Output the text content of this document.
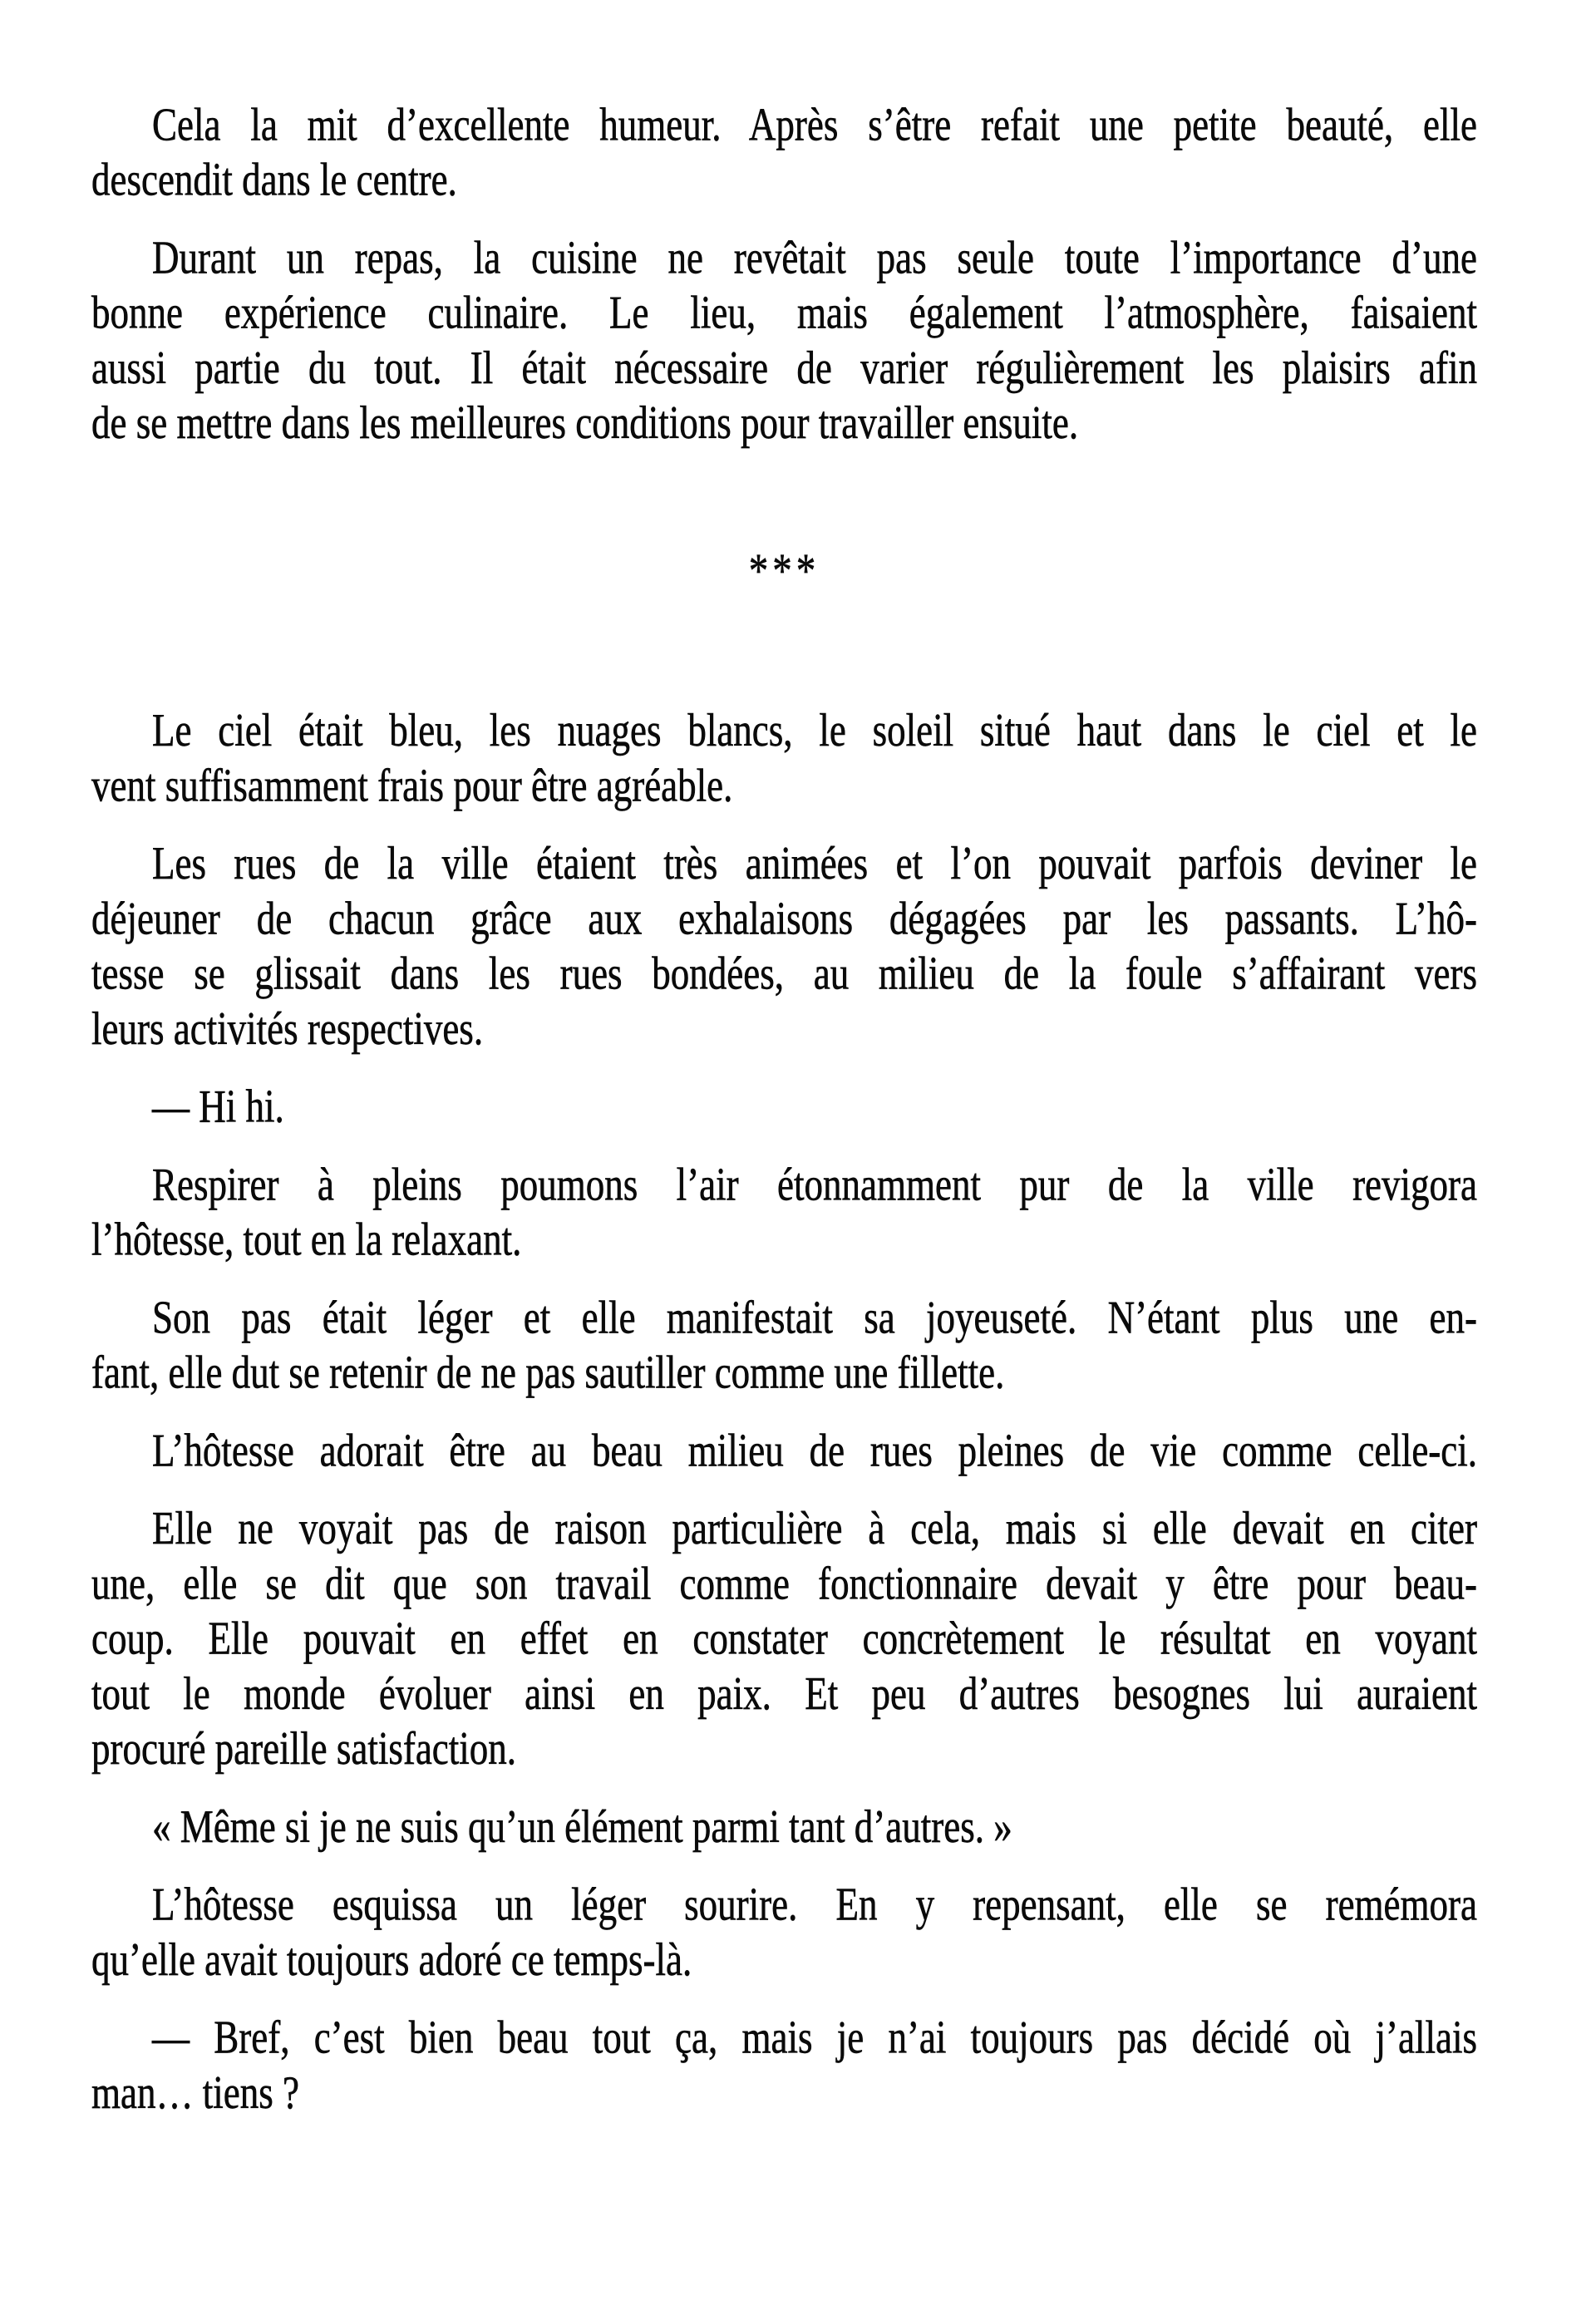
Cela la mit d’excellente humeur. Après s’être refait une petite beauté, elle
descendit dans le centre.

Durant un repas, la cuisine ne revêtait pas seule toute l’importance d’une
bonne expérience culinaire. Le lieu, mais également l’atmosphère, faisaient
aussi partie du tout. Il était nécessaire de varier régulièrement les plaisirs afin
de se mettre dans les meilleures conditions pour travailler ensuite.

***

Le ciel était bleu, les nuages blancs, le soleil situé haut dans le ciel et le
vent suffisamment frais pour être agréable.

Les rues de la ville étaient très animées et l’on pouvait parfois deviner le
déjeuner de chacun grâce aux exhalaisons dégagées par les passants. L’hô-
tesse se glissait dans les rues bondées, au milieu de la foule s’affairant vers
leurs activités respectives.

— Hi hi.

Respirer à pleins poumons l’air étonnamment pur de la ville revigora
l’hôtesse, tout en la relaxant.

Son pas était léger et elle manifestait sa joyeuseté. N’étant plus une en-
fant, elle dut se retenir de ne pas sautiller comme une fillette.

L’hôtesse adorait être au beau milieu de rues pleines de vie comme celle-ci.

Elle ne voyait pas de raison particulière à cela, mais si elle devait en citer
une, elle se dit que son travail comme fonctionnaire devait y être pour beau-
coup. Elle pouvait en effet en constater concrètement le résultat en voyant
tout le monde évoluer ainsi en paix. Et peu d’autres besognes lui auraient
procuré pareille satisfaction.

« Même si je ne suis qu’un élément parmi tant d’autres. »

L’hôtesse esquissa un léger sourire. En y repensant, elle se remémora
qu’elle avait toujours adoré ce temps-là.

— Bref, c’est bien beau tout ça, mais je n’ai toujours pas décidé où j’allais
man… tiens ?
